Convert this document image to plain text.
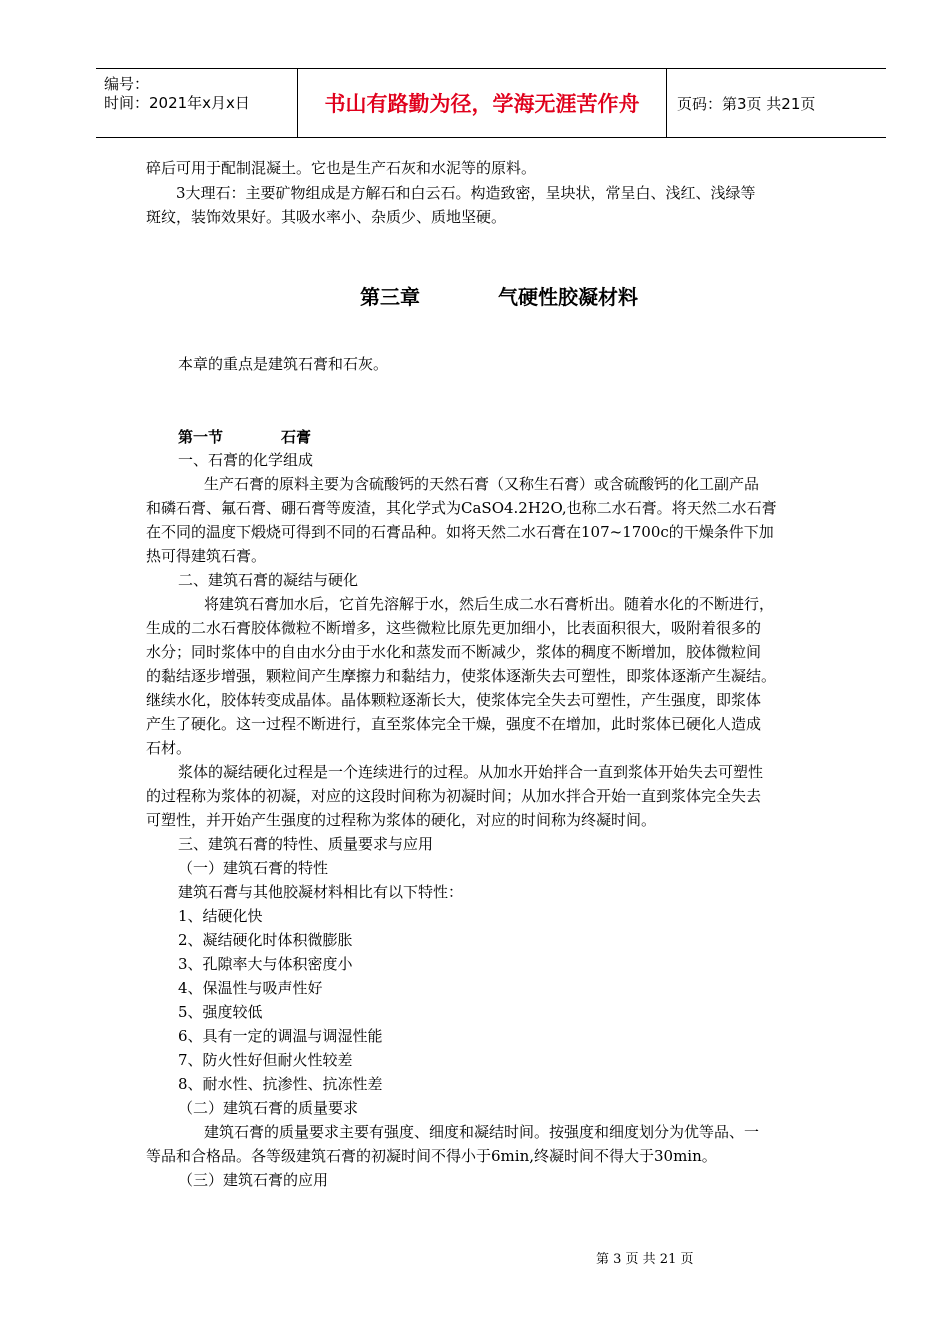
编号：
时间：2021年x月x日	书山有路勤为径，学海无涯苦作舟	页码：第3页 共21页
碎后可用于配制混凝土。它也是生产石灰和水泥等的原料。
3大理石：主要矿物组成是方解石和白云石。构造致密，呈块状，常呈白、浅红、浅绿等
斑纹，装饰效果好。其吸水率小、杂质少、质地坚硬。
第三章	气硬性胶凝材料
本章的重点是建筑石膏和石灰。
第一节	石膏
一、石膏的化学组成
生产石膏的原料主要为含硫酸钙的天然石膏（又称生石膏）或含硫酸钙的化工副产品
和磷石膏、氟石膏、硼石膏等废渣，其化学式为CaSO4.2H2O,也称二水石膏。将天然二水石膏
在不同的温度下煅烧可得到不同的石膏品种。如将天然二水石膏在107~1700c的干燥条件下加
热可得建筑石膏。
二、建筑石膏的凝结与硬化
将建筑石膏加水后，它首先溶解于水，然后生成二水石膏析出。随着水化的不断进行，
生成的二水石膏胶体微粒不断增多，这些微粒比原先更加细小，比表面积很大，吸附着很多的
水分；同时浆体中的自由水分由于水化和蒸发而不断减少，浆体的稠度不断增加，胶体微粒间
的黏结逐步增强，颗粒间产生摩擦力和黏结力，使浆体逐渐失去可塑性，即浆体逐渐产生凝结。
继续水化，胶体转变成晶体。晶体颗粒逐渐长大，使浆体完全失去可塑性，产生强度，即浆体
产生了硬化。这一过程不断进行，直至浆体完全干燥，强度不在增加，此时浆体已硬化人造成
石材。
浆体的凝结硬化过程是一个连续进行的过程。从加水开始拌合一直到浆体开始失去可塑性
的过程称为浆体的初凝，对应的这段时间称为初凝时间；从加水拌合开始一直到浆体完全失去
可塑性，并开始产生强度的过程称为浆体的硬化，对应的时间称为终凝时间。
三、建筑石膏的特性、质量要求与应用
（一）建筑石膏的特性
建筑石膏与其他胶凝材料相比有以下特性：
1、结硬化快
2、凝结硬化时体积微膨胀
3、孔隙率大与体积密度小
4、保温性与吸声性好
5、强度较低
6、具有一定的调温与调湿性能
7、防火性好但耐火性较差
8、耐水性、抗渗性、抗冻性差
（二）建筑石膏的质量要求
建筑石膏的质量要求主要有强度、细度和凝结时间。按强度和细度划分为优等品、一
等品和合格品。各等级建筑石膏的初凝时间不得小于6min,终凝时间不得大于30min。
（三）建筑石膏的应用
第 3 页 共 21 页
